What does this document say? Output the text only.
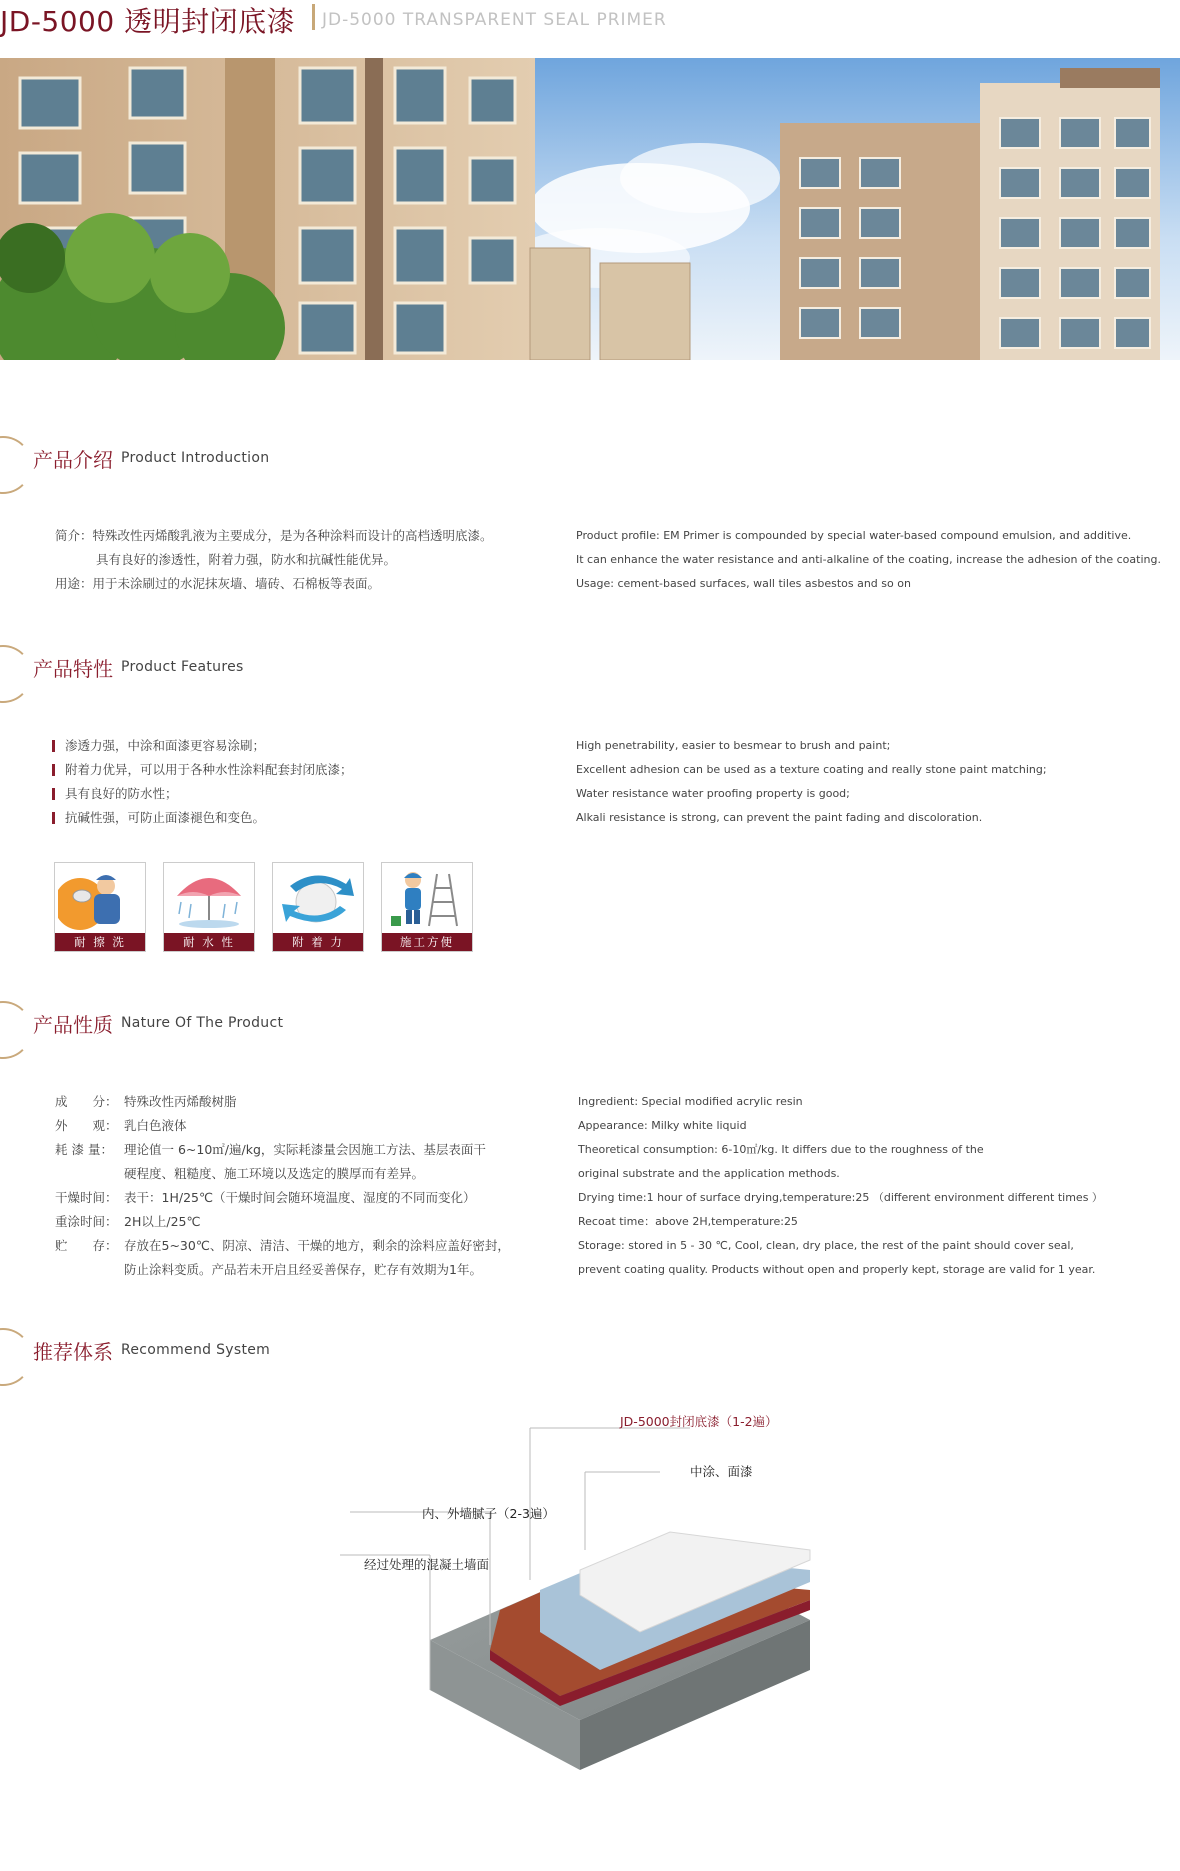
JD-5000 透明封闭底漆 JD-5000 TRANSPARENT SEAL PRIMER
产品介绍 Product Introduction
简介：特殊改性丙烯酸乳液为主要成分，是为各种涂料而设计的高档透明底漆。
具有良好的渗透性，附着力强，防水和抗碱性能优异。
用途：用于未涂刷过的水泥抹灰墙、墙砖、石棉板等表面。
Product profile: EM Primer is compounded by special water-based compound emulsion, and additive.
It can enhance the water resistance and anti-alkaline of the coating, increase the adhesion of the coating.
Usage: cement-based surfaces, wall tiles asbestos and so on
产品特性 Product Features
渗透力强，中涂和面漆更容易涂刷；
附着力优异，可以用于各种水性涂料配套封闭底漆；
具有良好的防水性；
抗碱性强，可防止面漆褪色和变色。
High penetrability, easier to besmear to brush and paint;
Excellent adhesion can be used as a texture coating and really stone paint matching;
Water resistance water proofing property is good;
Alkali resistance is strong, can prevent the paint fading and discoloration.
耐 擦 洗	耐 水 性	附 着 力	施工方便
产品性质 Nature Of The Product
成　　分： 特殊改性丙烯酸树脂
外　　观： 乳白色液体
耗 漆 量： 理论值一 6~10㎡/遍/kg，实际耗漆量会因施工方法、基层表面干
硬程度、粗糙度、施工环境以及选定的膜厚而有差异。
干燥时间： 表干：1H/25℃（干燥时间会随环境温度、湿度的不同而变化）
重涂时间： 2H以上/25℃
贮　　存： 存放在5~30℃、阴凉、清洁、干燥的地方，剩余的涂料应盖好密封，
防止涂料变质。产品若未开启且经妥善保存，贮存有效期为1年。
Ingredient: Special modified acrylic resin
Appearance: Milky white liquid
Theoretical consumption: 6-10㎡/kg. It differs due to the roughness of the
original substrate and the application methods.
Drying time:1 hour of surface drying,temperature:25 （different environment different times ）
Recoat time：above 2H,temperature:25
Storage: stored in 5 - 30 ℃, Cool, clean, dry place, the rest of the paint should cover seal,
prevent coating quality. Products without open and properly kept, storage are valid for 1 year.
推荐体系 Recommend System
JD-5000封闭底漆（1-2遍）
中涂、面漆
内、外墙腻子（2-3遍）
经过处理的混凝土墙面
